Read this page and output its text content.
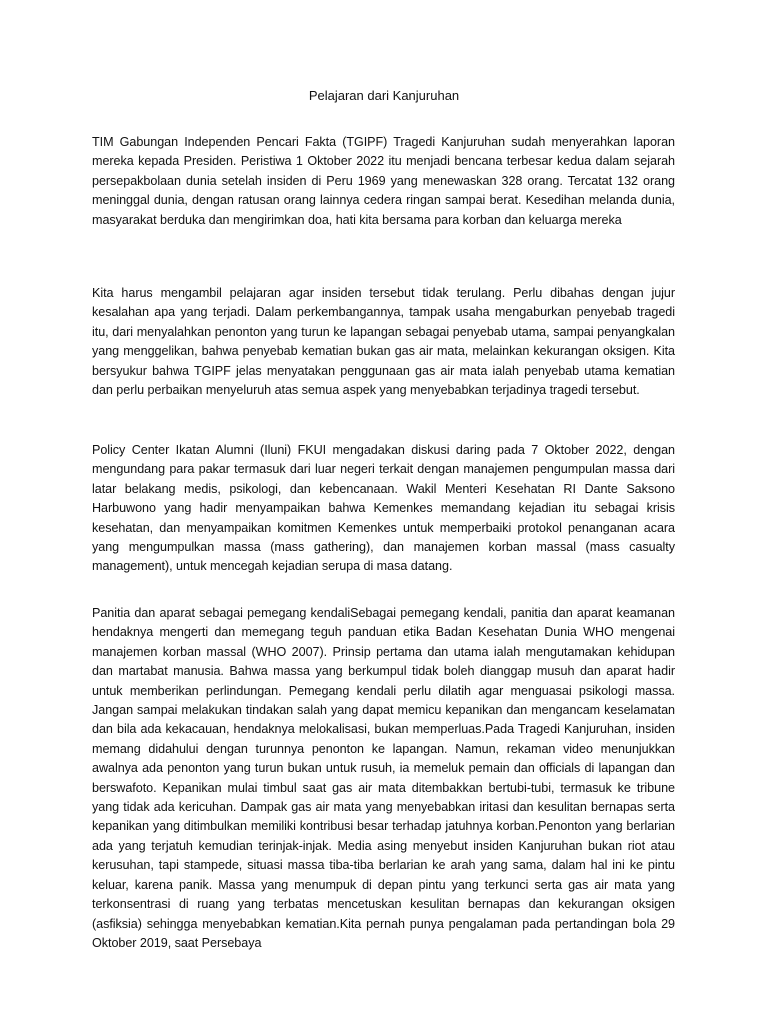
Pelajaran dari Kanjuruhan

TIM Gabungan Independen Pencari Fakta (TGIPF) Tragedi Kanjuruhan sudah menyerahkan laporan mereka kepada Presiden. Peristiwa 1 Oktober 2022 itu menjadi bencana terbesar kedua dalam sejarah persepakbolaan dunia setelah insiden di Peru 1969 yang menewaskan 328 orang. Tercatat 132 orang meninggal dunia, dengan ratusan orang lainnya cedera ringan sampai berat. Kesedihan melanda dunia, masyarakat berduka dan mengirimkan doa, hati kita bersama para korban dan keluarga mereka

Kita harus mengambil pelajaran agar insiden tersebut tidak terulang. Perlu dibahas dengan jujur kesalahan apa yang terjadi. Dalam perkembangannya, tampak usaha mengaburkan penyebab tragedi itu, dari menyalahkan penonton yang turun ke lapangan sebagai penyebab utama, sampai penyangkalan yang menggelikan, bahwa penyebab kematian bukan gas air mata, melainkan kekurangan oksigen. Kita bersyukur bahwa TGIPF jelas menyatakan penggunaan gas air mata ialah penyebab utama kematian dan perlu perbaikan menyeluruh atas semua aspek yang menyebabkan terjadinya tragedi tersebut.

Policy Center Ikatan Alumni (Iluni) FKUI mengadakan diskusi daring pada 7 Oktober 2022, dengan mengundang para pakar termasuk dari luar negeri terkait dengan manajemen pengumpulan massa dari latar belakang medis, psikologi, dan kebencanaan. Wakil Menteri Kesehatan RI Dante Saksono Harbuwono yang hadir menyampaikan bahwa Kemenkes memandang kejadian itu sebagai krisis kesehatan, dan menyampaikan komitmen Kemenkes untuk memperbaiki protokol penanganan acara yang mengumpulkan massa (mass gathering), dan manajemen korban massal (mass casualty management), untuk mencegah kejadian serupa di masa datang.

Panitia dan aparat sebagai pemegang kendaliSebagai pemegang kendali, panitia dan aparat keamanan hendaknya mengerti dan memegang teguh panduan etika Badan Kesehatan Dunia WHO mengenai manajemen korban massal (WHO 2007). Prinsip pertama dan utama ialah mengutamakan kehidupan dan martabat manusia. Bahwa massa yang berkumpul tidak boleh dianggap musuh dan aparat hadir untuk memberikan perlindungan. Pemegang kendali perlu dilatih agar menguasai psikologi massa. Jangan sampai melakukan tindakan salah yang dapat memicu kepanikan dan mengancam keselamatan dan bila ada kekacauan, hendaknya melokalisasi, bukan memperluas.Pada Tragedi Kanjuruhan, insiden memang didahului dengan turunnya penonton ke lapangan. Namun, rekaman video menunjukkan awalnya ada penonton yang turun bukan untuk rusuh, ia memeluk pemain dan officials di lapangan dan berswafoto. Kepanikan mulai timbul saat gas air mata ditembakkan bertubi-tubi, termasuk ke tribune yang tidak ada kericuhan. Dampak gas air mata yang menyebabkan iritasi dan kesulitan bernapas serta kepanikan yang ditimbulkan memiliki kontribusi besar terhadap jatuhnya korban.Penonton yang berlarian ada yang terjatuh kemudian terinjak-injak. Media asing menyebut insiden Kanjuruhan bukan riot atau kerusuhan, tapi stampede, situasi massa tiba-tiba berlarian ke arah yang sama, dalam hal ini ke pintu keluar, karena panik. Massa yang menumpuk di depan pintu yang terkunci serta gas air mata yang terkonsentrasi di ruang yang terbatas mencetuskan kesulitan bernapas dan kekurangan oksigen (asfiksia) sehingga menyebabkan kematian.Kita pernah punya pengalaman pada pertandingan bola 29 Oktober 2019, saat Persebaya
